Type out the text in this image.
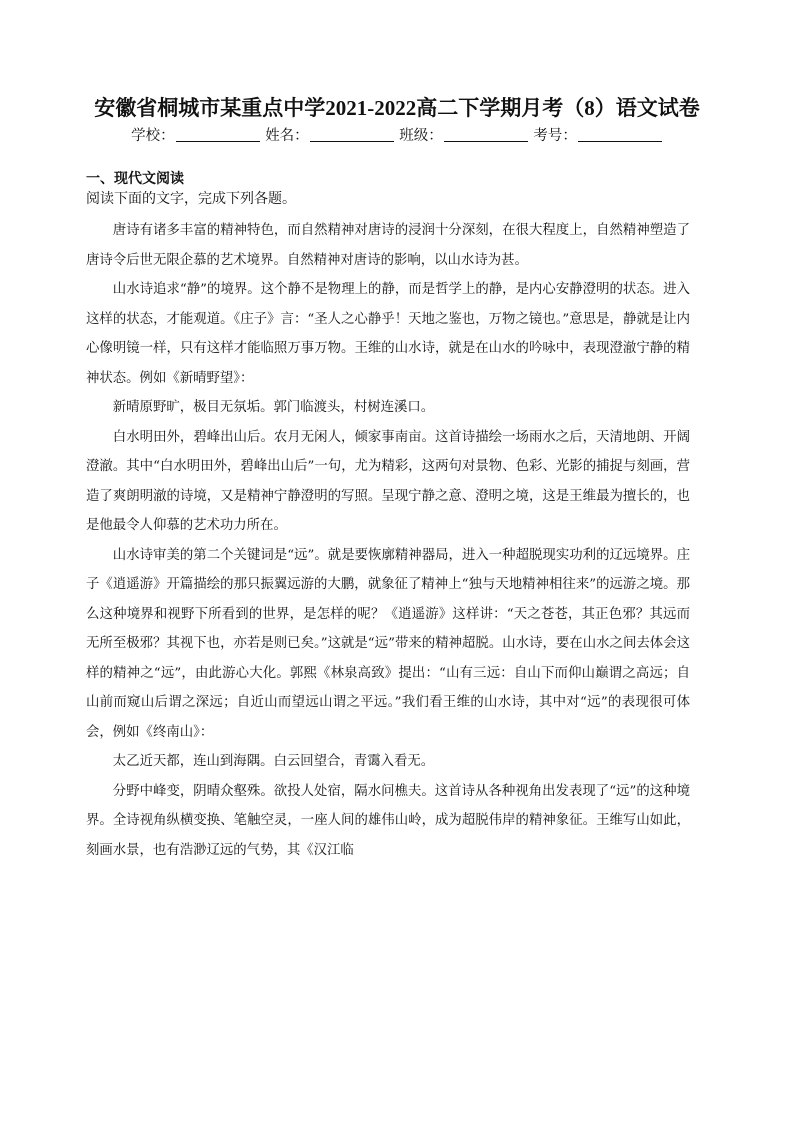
安徽省桐城市某重点中学2021-2022高二下学期月考（8）语文试卷
学校：	姓名：	班级：	考号：
一、现代文阅读
阅读下面的文字，完成下列各题。

唐诗有诸多丰富的精神特色，而自然精神对唐诗的浸润十分深刻，在很大程度上，自然精神塑造了唐诗令后世无限企慕的艺术境界。自然精神对唐诗的影响，以山水诗为甚。

山水诗追求“静”的境界。这个静不是物理上的静，而是哲学上的静，是内心安静澄明的状态。进入这样的状态，才能观道。《庄子》言：“圣人之心静乎！天地之鉴也，万物之镜也。”意思是，静就是让内心像明镜一样，只有这样才能临照万事万物。王维的山水诗，就是在山水的吟咏中，表现澄澈宁静的精神状态。例如《新晴野望》：

新晴原野旷，极目无氛垢。郭门临渡头，村树连溪口。

白水明田外，碧峰出山后。农月无闲人，倾家事南亩。这首诗描绘一场雨水之后，天清地朗、开阔澄澈。其中“白水明田外，碧峰出山后”一句，尤为精彩，这两句对景物、色彩、光影的捕捉与刻画，营造了爽朗明澈的诗境，又是精神宁静澄明的写照。呈现宁静之意、澄明之境，这是王维最为擅长的，也是他最令人仰慕的艺术功力所在。

山水诗审美的第二个关键词是“远”。就是要恢廓精神器局，进入一种超脱现实功利的辽远境界。庄子《逍遥游》开篇描绘的那只振翼远游的大鹏，就象征了精神上“独与天地精神相往来”的远游之境。那么这种境界和视野下所看到的世界，是怎样的呢？《逍遥游》这样讲：“天之苍苍，其正色邪？其远而无所至极邪？其视下也，亦若是则已矣。”这就是“远”带来的精神超脱。山水诗，要在山水之间去体会这样的精神之“远”，由此游心大化。郭熙《林泉高致》提出：“山有三远：自山下而仰山巅谓之高远；自山前而窥山后谓之深远；自近山而望远山谓之平远。”我们看王维的山水诗，其中对“远”的表现很可体会，例如《终南山》：

太乙近天都，连山到海隅。白云回望合，青霭入看无。

分野中峰变，阴晴众壑殊。欲投人处宿，隔水问樵夫。这首诗从各种视角出发表现了“远”的这种境界。全诗视角纵横变换、笔触空灵，一座人间的雄伟山岭，成为超脱伟岸的精神象征。王维写山如此，刻画水景，也有浩渺辽远的气势，其《汉江临
